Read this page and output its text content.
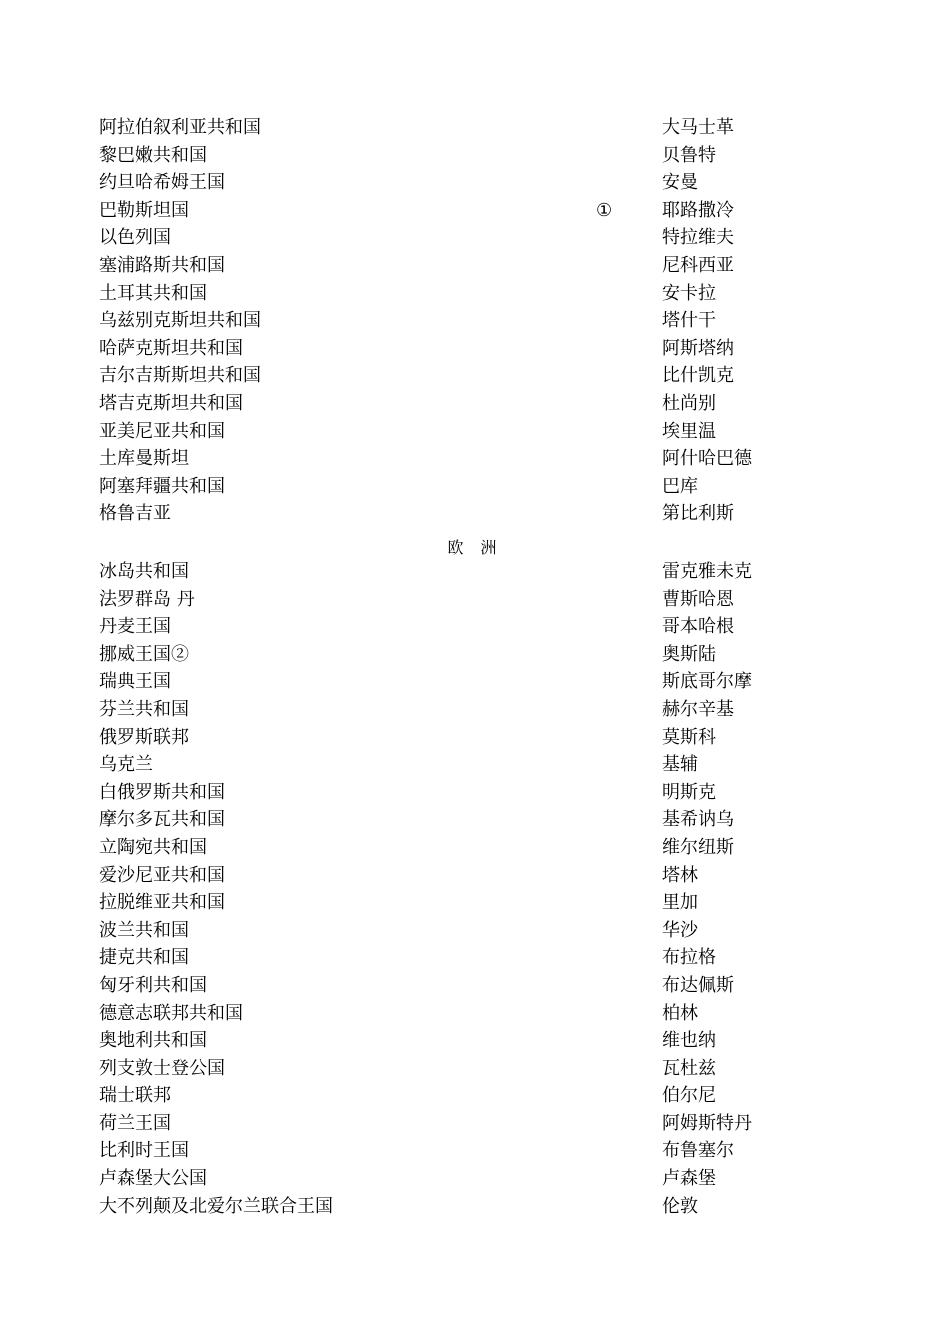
阿拉伯叙利亚共和国	大马士革
黎巴嫩共和国	贝鲁特
约旦哈希姆王国	安曼
巴勒斯坦国	①	耶路撒冷
以色列国	特拉维夫
塞浦路斯共和国	尼科西亚
土耳其共和国	安卡拉
乌兹别克斯坦共和国	塔什干
哈萨克斯坦共和国	阿斯塔纳
吉尔吉斯斯坦共和国	比什凯克
塔吉克斯坦共和国	杜尚别
亚美尼亚共和国	埃里温
土库曼斯坦	阿什哈巴德
阿塞拜疆共和国	巴库
格鲁吉亚	第比利斯
欧 洲
冰岛共和国	雷克雅未克
法罗群岛 丹	曹斯哈恩
丹麦王国	哥本哈根
挪威王国②	奥斯陆
瑞典王国	斯底哥尔摩
芬兰共和国	赫尔辛基
俄罗斯联邦	莫斯科
乌克兰	基辅
白俄罗斯共和国	明斯克
摩尔多瓦共和国	基希讷乌
立陶宛共和国	维尔纽斯
爱沙尼亚共和国	塔林
拉脱维亚共和国	里加
波兰共和国	华沙
捷克共和国	布拉格
匈牙利共和国	布达佩斯
德意志联邦共和国	柏林
奥地利共和国	维也纳
列支敦士登公国	瓦杜兹
瑞士联邦	伯尔尼
荷兰王国	阿姆斯特丹
比利时王国	布鲁塞尔
卢森堡大公国	卢森堡
大不列颠及北爱尔兰联合王国	伦敦
